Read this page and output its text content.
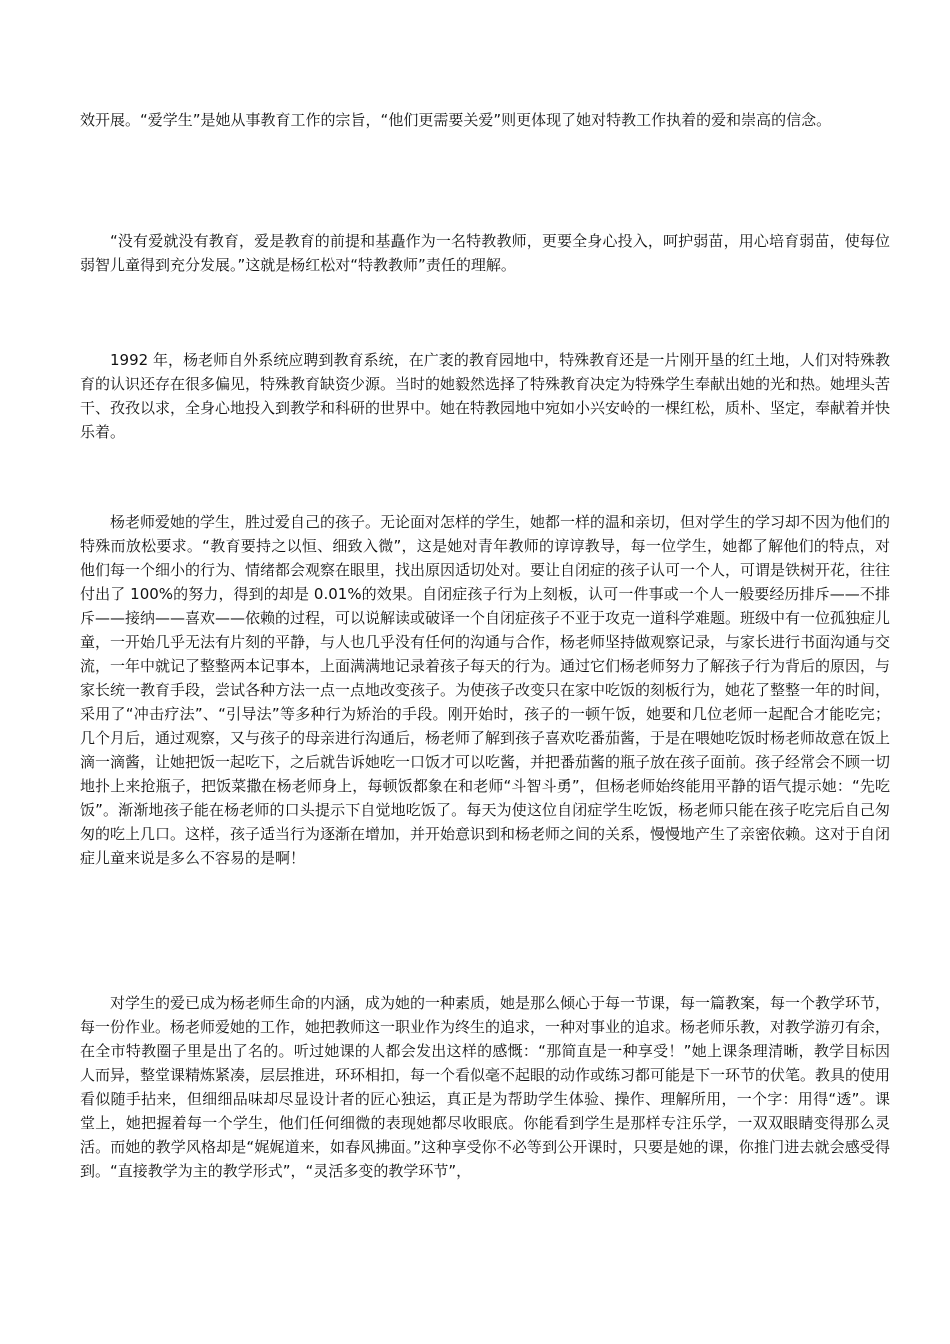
效开展。“爱学生”是她从事教育工作的宗旨，“他们更需要关爱”则更体现了她对特教工作执着的爱和崇高的信念。

“没有爱就没有教育，爱是教育的前提和基矗作为一名特教教师，更要全身心投入，呵护弱苗，用心培育弱苗，使每位弱智儿童得到充分发展。”这就是杨红松对“特教教师”责任的理解。

1992 年，杨老师自外系统应聘到教育系统，在广袤的教育园地中，特殊教育还是一片刚开垦的红土地，人们对特殊教育的认识还存在很多偏见，特殊教育缺资少源。当时的她毅然选择了特殊教育决定为特殊学生奉献出她的光和热。她埋头苦干、孜孜以求，全身心地投入到教学和科研的世界中。她在特教园地中宛如小兴安岭的一棵红松，质朴、坚定，奉献着并快乐着。

杨老师爱她的学生，胜过爱自己的孩子。无论面对怎样的学生，她都一样的温和亲切，但对学生的学习却不因为他们的特殊而放松要求。“教育要持之以恒、细致入微”，这是她对青年教师的谆谆教导，每一位学生，她都了解他们的特点，对他们每一个细小的行为、情绪都会观察在眼里，找出原因适切处对。要让自闭症的孩子认可一个人，可谓是铁树开花，往往付出了 100%的努力，得到的却是 0.01%的效果。自闭症孩子行为上刻板，认可一件事或一个人一般要经历排斥——不排斥——接纳——喜欢——依赖的过程，可以说解读或破译一个自闭症孩子不亚于攻克一道科学难题。班级中有一位孤独症儿童，一开始几乎无法有片刻的平静，与人也几乎没有任何的沟通与合作，杨老师坚持做观察记录，与家长进行书面沟通与交流，一年中就记了整整两本记事本，上面满满地记录着孩子每天的行为。通过它们杨老师努力了解孩子行为背后的原因，与家长统一教育手段，尝试各种方法一点一点地改变孩子。为使孩子改变只在家中吃饭的刻板行为，她花了整整一年的时间，采用了“冲击疗法”、“引导法”等多种行为矫治的手段。刚开始时，孩子的一顿午饭，她要和几位老师一起配合才能吃完；几个月后，通过观察，又与孩子的母亲进行沟通后，杨老师了解到孩子喜欢吃番茄酱，于是在喂她吃饭时杨老师故意在饭上滴一滴酱，让她把饭一起吃下，之后就告诉她吃一口饭才可以吃酱，并把番茄酱的瓶子放在孩子面前。孩子经常会不顾一切地扑上来抢瓶子，把饭菜撒在杨老师身上，每顿饭都象在和老师“斗智斗勇”，但杨老师始终能用平静的语气提示她：“先吃饭”。渐渐地孩子能在杨老师的口头提示下自觉地吃饭了。每天为使这位自闭症学生吃饭，杨老师只能在孩子吃完后自己匆匆的吃上几口。这样，孩子适当行为逐渐在增加，并开始意识到和杨老师之间的关系，慢慢地产生了亲密依赖。这对于自闭症儿童来说是多么不容易的是啊！

对学生的爱已成为杨老师生命的内涵，成为她的一种素质，她是那么倾心于每一节课，每一篇教案，每一个教学环节，每一份作业。杨老师爱她的工作，她把教师这一职业作为终生的追求，一种对事业的追求。杨老师乐教，对教学游刃有余，在全市特教圈子里是出了名的。听过她课的人都会发出这样的感慨：“那简直是一种享受！”她上课条理清晰，教学目标因人而异，整堂课精炼紧凑，层层推进，环环相扣，每一个看似毫不起眼的动作或练习都可能是下一环节的伏笔。教具的使用看似随手拈来，但细细品味却尽显设计者的匠心独运，真正是为帮助学生体验、操作、理解所用，一个字：用得“透”。课堂上，她把握着每一个学生，他们任何细微的表现她都尽收眼底。你能看到学生是那样专注乐学，一双双眼睛变得那么灵活。而她的教学风格却是“娓娓道来，如春风拂面。”这种享受你不必等到公开课时，只要是她的课，你推门进去就会感受得到。“直接教学为主的教学形式”，“灵活多变的教学环节”，
